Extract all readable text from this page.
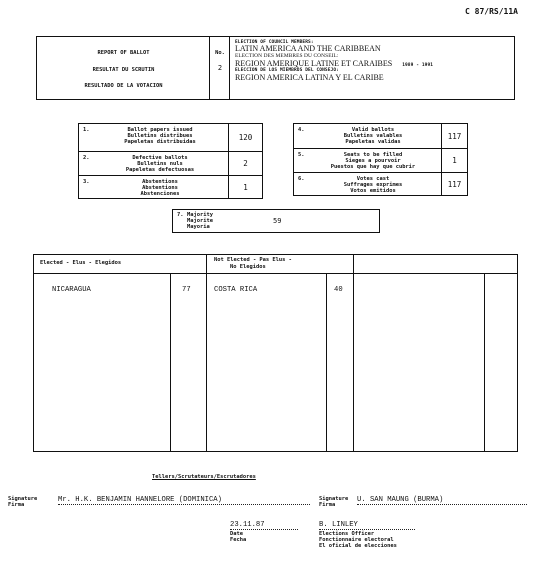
C 87/RS/11A
REPORT OF BALLOT
RESULTAT DU SCRUTIN
RESULTADO DE LA VOTACION
No.
2
ELECTION OF COUNCIL MEMBERS:
LATIN AMERICA AND THE CARIBBEAN
ELECTION DES MEMBRES DU CONSEIL:
REGION AMERIQUE LATINE ET CARAIBES 1989 - 1991
ELECCION DE LOS MIEMBROS DEL CONSEJO:
REGION AMERICA LATINA Y EL CARIBE
1.	Ballot papers issued
Bulletins distribues
Papeletas distribuidas	120
2.	Defective ballots
Bulletins nuls
Papeletas defectuosas
2
3.	Abstentions
Abstentions
Abstenciones
1
4.	Valid ballots
Bulletins valables
Papeletas validas
117
5.	Seats to be filled
Sieges a pourvoir
Puestos que hay que cubrir
1
6.	Votes cast
Suffrages exprimes
Votos emitidos
117
7. Majority
Majorite
Mayoria
59
Elected - Elus - Elegidos	Not Elected - Pas Elus -
No Elegidos
NICARAGUA	77	COSTA RICA	40
Tellers/Scrutateurs/Escrutadores
Signature
Firma
Mr. H.K. BENJAMIN HANNELORE (DOMINICA)	Signature
Firma
U. SAN MAUNG (BURMA)
23.11.87
Date
Fecha
B. LINLEY
Elections Officer
Fonctionnaire electoral
El oficial de elecciones
